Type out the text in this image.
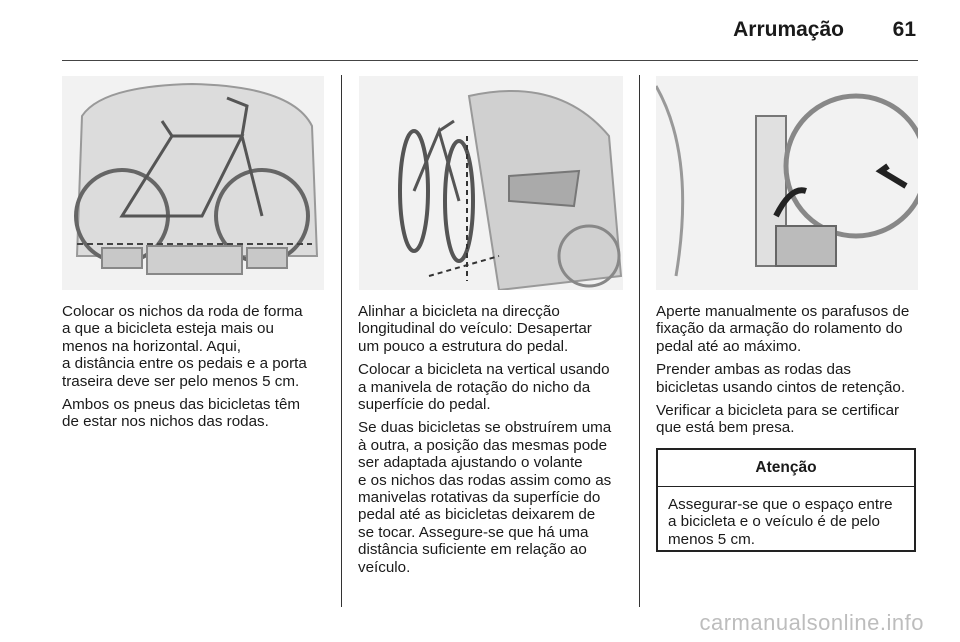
Arrumação 61

Colocar os nichos da roda de forma
a que a bicicleta esteja mais ou
menos na horizontal. Aqui,
a distância entre os pedais e a porta
traseira deve ser pelo menos 5 cm.

Ambos os pneus das bicicletas têm
de estar nos nichos das rodas.

Alinhar a bicicleta na direcção
longitudinal do veículo: Desapertar
um pouco a estrutura do pedal.

Colocar a bicicleta na vertical usando
a manivela de rotação do nicho da
superfície do pedal.

Se duas bicicletas se obstruírem uma
à outra, a posição das mesmas pode
ser adaptada ajustando o volante
e os nichos das rodas assim como as
manivelas rotativas da superfície do
pedal até as bicicletas deixarem de
se tocar. Assegure-se que há uma
distância suficiente em relação ao
veículo.

Aperte manualmente os parafusos de
fixação da armação do rolamento do
pedal até ao máximo.

Prender ambas as rodas das
bicicletas usando cintos de retenção.

Verificar a bicicleta para se certificar
que está bem presa.

Atenção
Assegurar-se que o espaço entre
a bicicleta e o veículo é de pelo
menos 5 cm.
carmanualsonline.info
